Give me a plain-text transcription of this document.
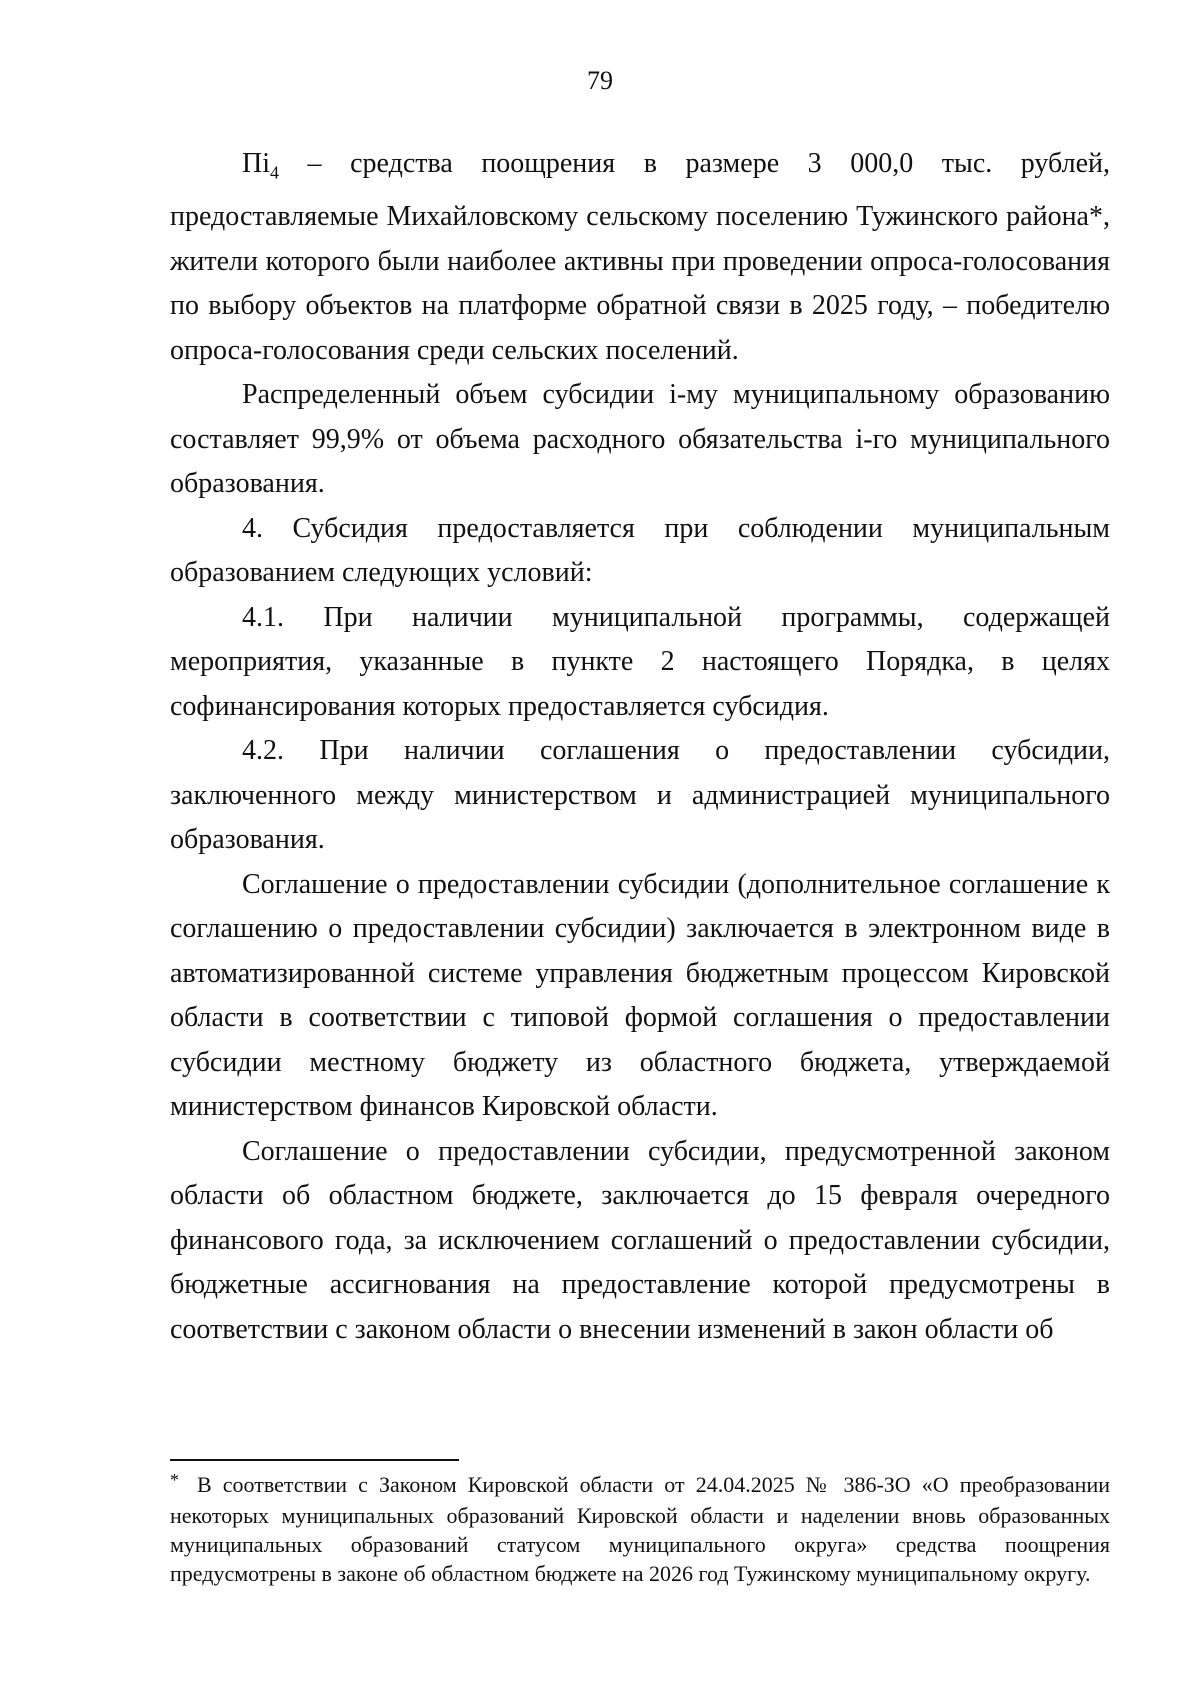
79

$Пі_4$ – средства поощрения в размере 3 000,0 тыс. рублей, предоставляемые Михайловскому сельскому поселению Тужинского района*, жители которого были наиболее активны при проведении опроса-голосования по выбору объектов на платформе обратной связи в 2025 году, – победителю опроса-голосования среди сельских поселений.

Распределенный объем субсидии і-му муниципальному образованию составляет 99,9% от объема расходного обязательства і-го муниципального образования.

4. Субсидия предоставляется при соблюдении муниципальным образованием следующих условий:

4.1. При наличии муниципальной программы, содержащей мероприятия, указанные в пункте 2 настоящего Порядка, в целях софинансирования которых предоставляется субсидия.

4.2. При наличии соглашения о предоставлении субсидии, заключенного между министерством и администрацией муниципального образования.

Соглашение о предоставлении субсидии (дополнительное соглашение к соглашению о предоставлении субсидии) заключается в электронном виде в автоматизированной системе управления бюджетным процессом Кировской области в соответствии с типовой формой соглашения о предоставлении субсидии местному бюджету из областного бюджета, утверждаемой министерством финансов Кировской области.

Соглашение о предоставлении субсидии, предусмотренной законом области об областном бюджете, заключается до 15 февраля очередного финансового года, за исключением соглашений о предоставлении субсидии, бюджетные ассигнования на предоставление которой предусмотрены в соответствии с законом области о внесении изменений в закон области об

* В соответствии с Законом Кировской области от 24.04.2025 № 386-ЗО «О преобразовании некоторых муниципальных образований Кировской области и наделении вновь образованных муниципальных образований статусом муниципального округа» средства поощрения предусмотрены в законе об областном бюджете на 2026 год Тужинскому муниципальному округу.
